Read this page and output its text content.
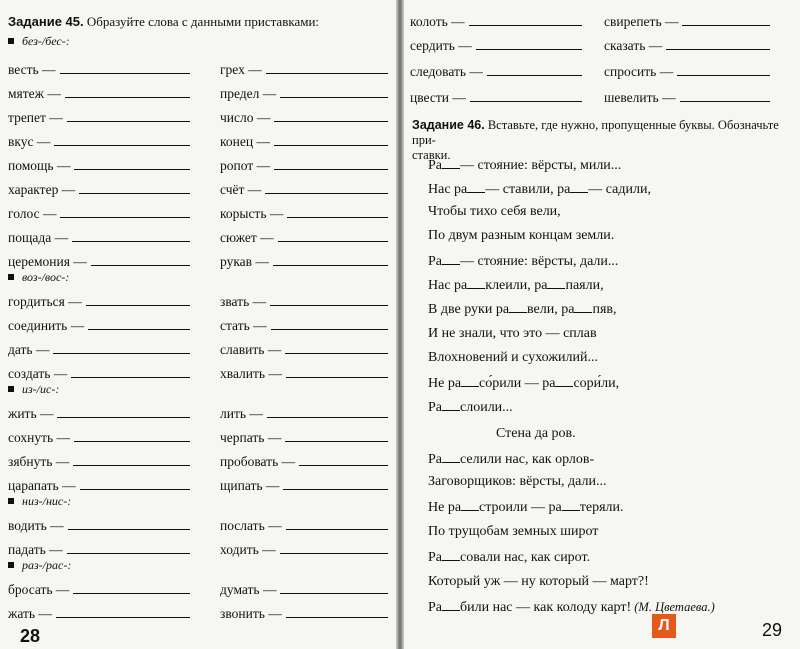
Задание 45. Образуйте слова с данными приставками:
без-/бес-:
воз-/вос-:
из-/ис-:
низ-/нис-:
раз-/рас-:
весть —	грех —
мятеж —	предел —
трепет —	число —
вкус —	конец —
помощь —	ропот —
характер —	счёт —
голос —	корысть —
пощада —	сюжет —
церемония —	рукав —
гордиться —	звать —
соединить —	стать —
дать —	славить —
создать —	хвалить —
жить —	лить —
сохнуть —	черпать —
зябнуть —	пробовать —
царапать —	щипать —
водить —	послать —
падать —	ходить —
бросать —	думать —
жать —	звонить —
28
колоть —	свирепеть —
сердить —	сказать —
следовать —	спросить —
цвести —	шевелить —
Задание 46. Вставьте, где нужно, пропущенные буквы. Обозначьте при-
ставки.
Ра — стояние: вёрсты, мили...
Нас ра — ставили, ра — садили,
Чтобы тихо себя вели,
По двум разным концам земли.
Ра — стояние: вёрсты, дали...
Нас ра клеили, ра паяли,
В две руки ра вели, ра пяв,
И не знали, что это — сплав
Влохновений и сухожилий...
Не ра со́рили — ра сори́ли,
Ра слоили...
Стена да ров.
Ра селили нас, как орлов-
Заговорщиков: вёрсты, дали...
Не ра строили — ра теряли.
По трущобам земных широт
Ра совали нас, как сирот.
Который уж — ну который — март?!
Ра били нас — как колоду карт! (М. Цветаева.)
29
Л
